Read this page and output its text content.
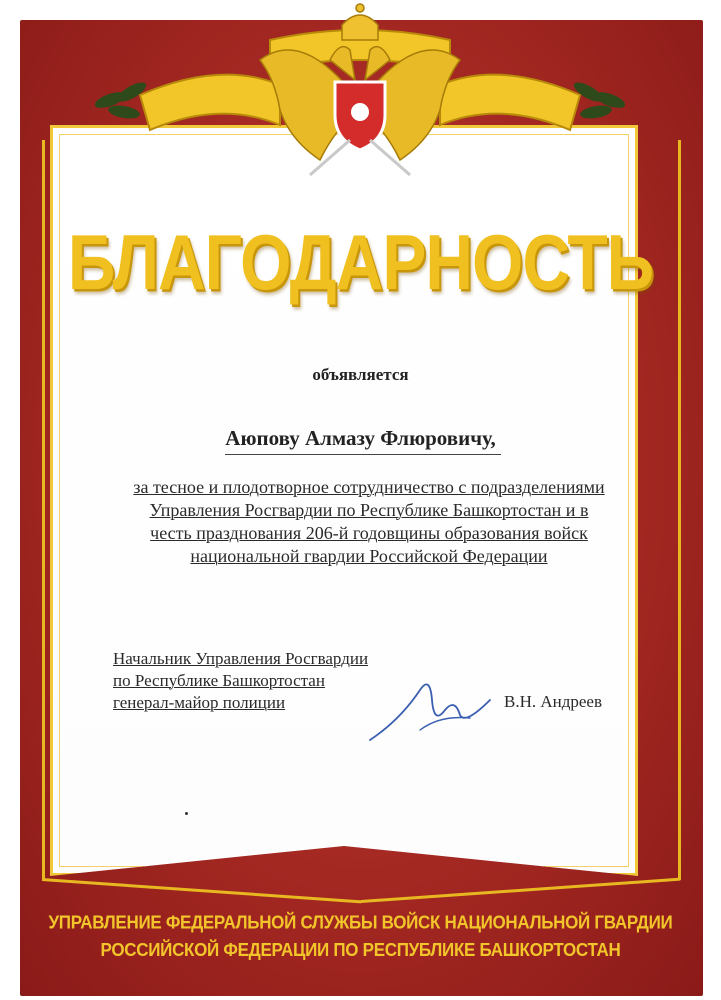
БЛАГОДАРНОСТЬ
объявляется
Аюпову Алмазу Флюровичу,
за тесное и плодотворное сотрудничество с подразделениями
Управления Росгвардии по Республике Башкортостан и в
честь празднования 206-й годовщины образования войск
национальной гвардии Российской Федерации
Начальник Управления Росгвардии
по Республике Башкортостан
генерал-майор полиции	В.Н. Андреев
УПРАВЛЕНИЕ ФЕДЕРАЛЬНОЙ СЛУЖБЫ ВОЙСК НАЦИОНАЛЬНОЙ ГВАРДИИ
РОССИЙСКОЙ ФЕДЕРАЦИИ ПО РЕСПУБЛИКЕ БАШКОРТОСТАН
